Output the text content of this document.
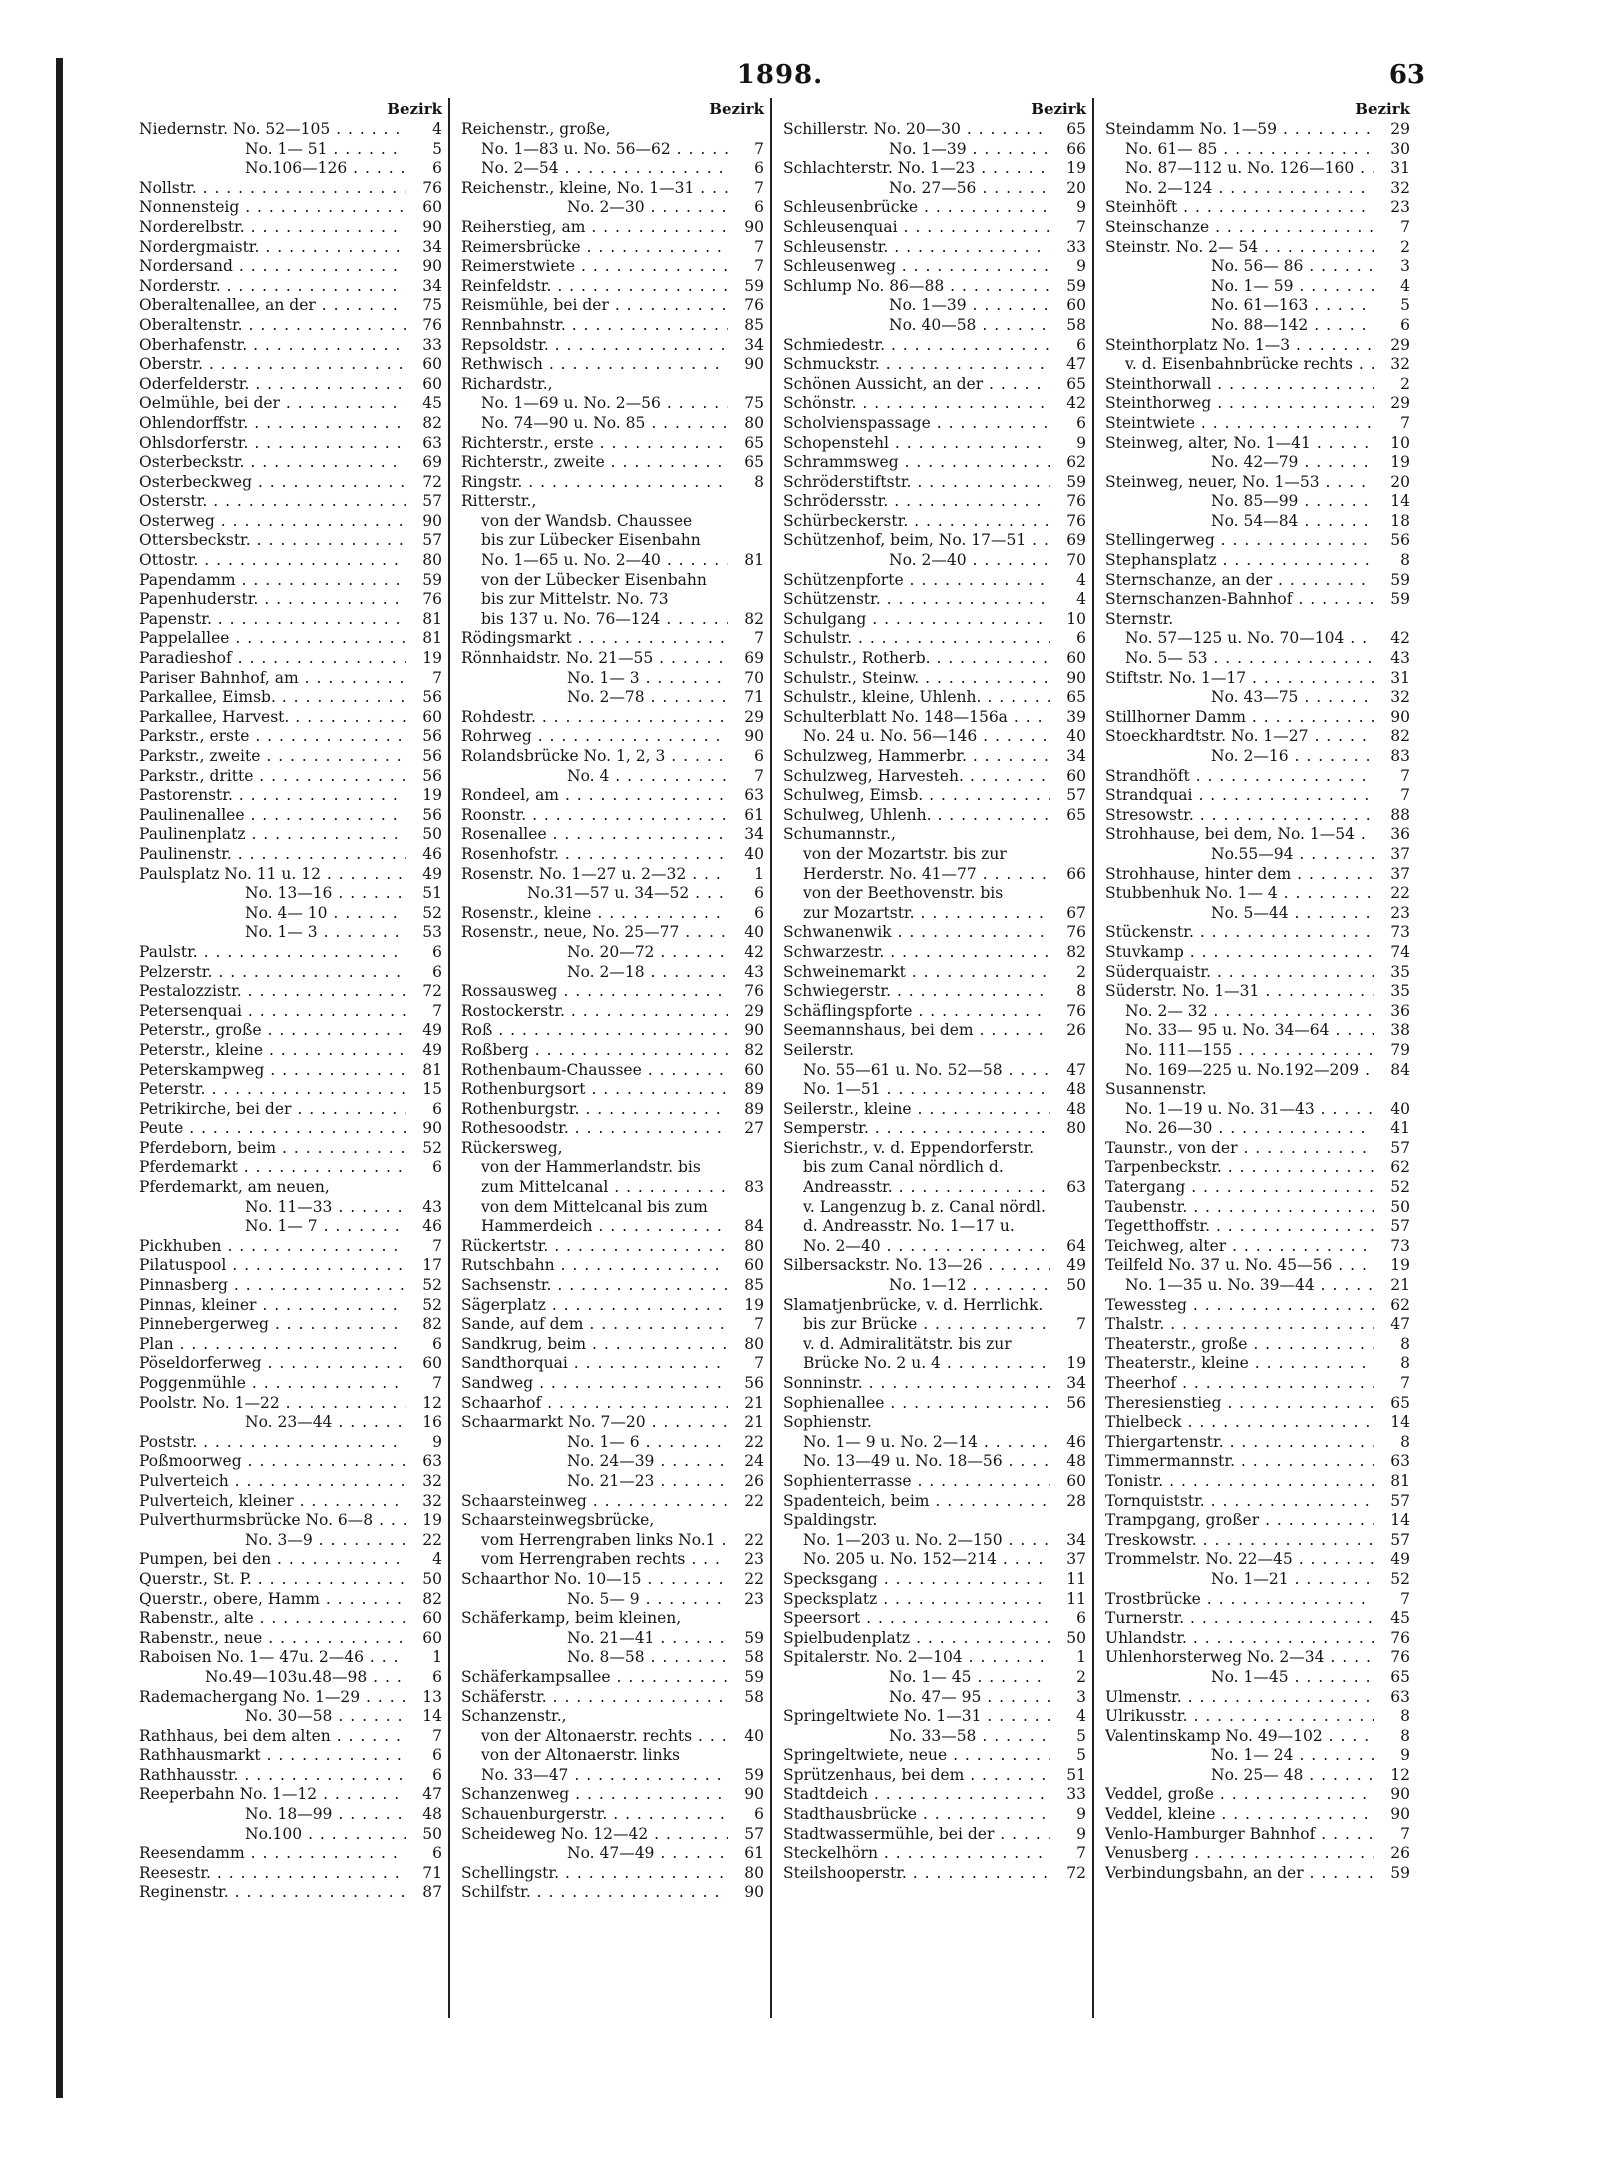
1898.	63
Bezirk
Niedernstr. No. 52—105 . . .	4
No. 1— 51 . . .	5
No.106—126 . . .	6
Nollstr. . . .	76
Nonnensteig . . .	60
Norderelbstr. . . .	90
Nordergmaistr. . . .	34
Nordersand . . .	90
Norderstr. . . .	34
Oberaltenallee, an der . . .	75
Oberaltenstr. . . .	76
Oberhafenstr. . . .	33
Oberstr. . . .	60
Oderfelderstr. . . .	60
Oelmühle, bei der . . .	45
Ohlendorffstr. . . .	82
Ohlsdorferstr. . . .	63
Osterbeckstr. . . .	69
Osterbeckweg . . .	72
Osterstr. . . .	57
Osterweg . . .	90
Ottersbeckstr. . . .	57
Ottostr. . . .	80
Papendamm . . .	59
Papenhuderstr. . . .	76
Papenstr. . . .	81
Pappelallee . . .	81
Paradieshof . . .	19
Pariser Bahnhof, am . . .	7
Parkallee, Eimsb. . . .	56
Parkallee, Harvest. . . .	60
Parkstr., erste . . .	56
Parkstr., zweite . . .	56
Parkstr., dritte . . .	56
Pastorenstr. . . .	19
Paulinenallee . . .	56
Paulinenplatz . . .	50
Paulinenstr. . . .	46
Paulsplatz No. 11 u. 12 . . .	49
No. 13—16 . . .	51
No. 4— 10 . . .	52
No. 1— 3 . . .	53
Paulstr. . . .	6
Pelzerstr. . . .	6
Pestalozzistr. . . .	72
Petersenquai . . .	7
Peterstr., große . . .	49
Peterstr., kleine . . .	49
Peterskampweg . . .	81
Peterstr. . . .	15
Petrikirche, bei der . . .	6
Peute . . .	90
Pferdeborn, beim . . .	52
Pferdemarkt . . .	6
Pferdemarkt, am neuen,
No. 11—33 . . .	43
No. 1— 7 . . .	46
Pickhuben . . .	7
Pilatuspool . . .	17
Pinnasberg . . .	52
Pinnas, kleiner . . .	52
Pinnebergerweg . . .	82
Plan . . .	6
Pöseldorferweg . . .	60
Poggenmühle . . .	7
Poolstr. No. 1—22 . . .	12
No. 23—44 . . .	16
Poststr. . . .	9
Poßmoorweg . . .	63
Pulverteich . . .	32
Pulverteich, kleiner . . .	32
Pulverthurmsbrücke No. 6—8 . . .	19
No. 3—9 . . .	22
Pumpen, bei den . . .	4
Querstr., St. P. . . .	50
Querstr., obere, Hamm . . .	82
Rabenstr., alte . . .	60
Rabenstr., neue . . .	60
Raboisen No. 1— 47u. 2—46 . . .	1
No.49—103u.48—98 . . .	6
Rademachergang No. 1—29 . . .	13
No. 30—58 . . .	14
Rathhaus, bei dem alten . . .	7
Rathhausmarkt . . .	6
Rathhausstr. . . .	6
Reeperbahn No. 1—12 . . .	47
No. 18—99 . . .	48
No.100 . . .	50
Reesendamm . . .	6
Reesestr. . . .	71
Reginenstr. . . .	87
Bezirk
Reichenstr., große,
No. 1—83 u. No. 56—62 . . .	7
No. 2—54 . . .	6
Reichenstr., kleine, No. 1—31 . . .	7
No. 2—30 . . .	6
Reiherstieg, am . . .	90
Reimersbrücke . . .	7
Reimerstwiete . . .	7
Reinfeldstr. . . .	59
Reismühle, bei der . . .	76
Rennbahnstr. . . .	85
Repsoldstr. . . .	34
Rethwisch . . .	90
Richardstr.,
No. 1—69 u. No. 2—56 . . .	75
No. 74—90 u. No. 85 . . .	80
Richterstr., erste . . .	65
Richterstr., zweite . . .	65
Ringstr. . . .	8
Ritterstr.,
von der Wandsb. Chaussee
bis zur Lübecker Eisenbahn
No. 1—65 u. No. 2—40 . . .	81
von der Lübecker Eisenbahn
bis zur Mittelstr. No. 73
bis 137 u. No. 76—124 . . .	82
Rödingsmarkt . . .	7
Rönnhaidstr. No. 21—55 . . .	69
No. 1— 3 . . .	70
No. 2—78 . . .	71
Rohdestr. . . .	29
Rohrweg . . .	90
Rolandsbrücke No. 1, 2, 3 . . .	6
No. 4 . . .	7
Rondeel, am . . .	63
Roonstr. . . .	61
Rosenallee . . .	34
Rosenhofstr. . . .	40
Rosenstr. No. 1—27 u. 2—32 . . .	1
No.31—57 u. 34—52 . . .	6
Rosenstr., kleine . . .	6
Rosenstr., neue, No. 25—77 . . .	40
No. 20—72 . . .	42
No. 2—18 . . .	43
Rossausweg . . .	76
Rostockerstr. . . .	29
Roß . . .	90
Roßberg . . .	82
Rothenbaum-Chaussee . . .	60
Rothenburgsort . . .	89
Rothenburgstr. . . .	89
Rothesoodstr. . . .	27
Rückersweg,
von der Hammerlandstr. bis
zum Mittelcanal . . .	83
von dem Mittelcanal bis zum
Hammerdeich . . .	84
Rückertstr. . . .	80
Rutschbahn . . .	60
Sachsenstr. . . .	85
Sägerplatz . . .	19
Sande, auf dem . . .	7
Sandkrug, beim . . .	80
Sandthorquai . . .	7
Sandweg . . .	56
Schaarhof . . .	21
Schaarmarkt No. 7—20 . . .	21
No. 1— 6 . . .	22
No. 24—39 . . .	24
No. 21—23 . . .	26
Schaarsteinweg . . .	22
Schaarsteinwegsbrücke,
vom Herrengraben links No.1 . . .	22
vom Herrengraben rechts . . .	23
Schaarthor No. 10—15 . . .	22
No. 5— 9 . . .	23
Schäferkamp, beim kleinen,
No. 21—41 . . .	59
No. 8—58 . . .	58
Schäferkampsallee . . .	59
Schäferstr. . . .	58
Schanzenstr.,
von der Altonaerstr. rechts . . .	40
von der Altonaerstr. links
No. 33—47 . . .	59
Schanzenweg . . .	90
Schauenburgerstr. . . .	6
Scheideweg No. 12—42 . . .	57
No. 47—49 . . .	61
Schellingstr. . . .	80
Schilfstr. . . .	90
Bezirk
Schillerstr. No. 20—30 . . .	65
No. 1—39 . . .	66
Schlachterstr. No. 1—23 . . .	19
No. 27—56 . . .	20
Schleusenbrücke . . .	9
Schleusenquai . . .	7
Schleusenstr. . . .	33
Schleusenweg . . .	9
Schlump No. 86—88 . . .	59
No. 1—39 . . .	60
No. 40—58 . . .	58
Schmiedestr. . . .	6
Schmuckstr. . . .	47
Schönen Aussicht, an der . . .	65
Schönstr. . . .	42
Scholvienspassage . . .	6
Schopenstehl . . .	9
Schrammsweg . . .	62
Schröderstiftstr. . . .	59
Schrödersstr. . . .	76
Schürbeckerstr. . . .	76
Schützenhof, beim, No. 17—51 . . .	69
No. 2—40 . . .	70
Schützenpforte . . .	4
Schützenstr. . . .	4
Schulgang . . .	10
Schulstr. . . .	6
Schulstr., Rotherb. . . .	60
Schulstr., Steinw. . . .	90
Schulstr., kleine, Uhlenh. . . .	65
Schulterblatt No. 148—156a . . .	39
No. 24 u. No. 56—146 . . .	40
Schulzweg, Hammerbr. . . .	34
Schulzweg, Harvesteh. . . .	60
Schulweg, Eimsb. . . .	57
Schulweg, Uhlenh. . . .	65
Schumannstr.,
von der Mozartstr. bis zur
Herderstr. No. 41—77 . . .	66
von der Beethovenstr. bis
zur Mozartstr. . . .	67
Schwanenwik . . .	76
Schwarzestr. . . .	82
Schweinemarkt . . .	2
Schwiegerstr. . . .	8
Schäflingspforte . . .	76
Seemannshaus, bei dem . . .	26
Seilerstr.
No. 55—61 u. No. 52—58 . . .	47
No. 1—51 . . .	48
Seilerstr., kleine . . .	48
Semperstr. . . .	80
Sierichstr., v. d. Eppendorferstr.
bis zum Canal nördlich d.
Andreasstr. . . .	63
v. Langenzug b. z. Canal nördl.
d. Andreasstr. No. 1—17 u.
No. 2—40 . . .	64
Silbersackstr. No. 13—26 . . .	49
No. 1—12 . . .	50
Slamatjenbrücke, v. d. Herrlichk.
bis zur Brücke . . .	7
v. d. Admiralitätstr. bis zur
Brücke No. 2 u. 4 . . .	19
Sonninstr. . . .	34
Sophienallee . . .	56
Sophienstr.
No. 1— 9 u. No. 2—14 . . .	46
No. 13—49 u. No. 18—56 . . .	48
Sophienterrasse . . .	60
Spadenteich, beim . . .	28
Spaldingstr.
No. 1—203 u. No. 2—150 . . .	34
No. 205 u. No. 152—214 . . .	37
Specksgang . . .	11
Specksplatz . . .	11
Speersort . . .	6
Spielbudenplatz . . .	50
Spitalerstr. No. 2—104 . . .	1
No. 1— 45 . . .	2
No. 47— 95 . . .	3
Springeltwiete No. 1—31 . . .	4
No. 33—58 . . .	5
Springeltwiete, neue . . .	5
Sprützenhaus, bei dem . . .	51
Stadtdeich . . .	33
Stadthausbrücke . . .	9
Stadtwassermühle, bei der . . .	9
Steckelhörn . . .	7
Steilshooperstr. . . .	72
Bezirk
Steindamm No. 1—59 . . .	29
No. 61— 85 . . .	30
No. 87—112 u. No. 126—160 . . .	31
No. 2—124 . . .	32
Steinhöft . . .	23
Steinschanze . . .	7
Steinstr. No. 2— 54 . . .	2
No. 56— 86 . . .	3
No. 1— 59 . . .	4
No. 61—163 . . .	5
No. 88—142 . . .	6
Steinthorplatz No. 1—3 . . .	29
v. d. Eisenbahnbrücke rechts . . .	32
Steinthorwall . . .	2
Steinthorweg . . .	29
Steintwiete . . .	7
Steinweg, alter, No. 1—41 . . .	10
No. 42—79 . . .	19
Steinweg, neuer, No. 1—53 . . .	20
No. 85—99 . . .	14
No. 54—84 . . .	18
Stellingerweg . . .	56
Stephansplatz . . .	8
Sternschanze, an der . . .	59
Sternschanzen-Bahnhof . . .	59
Sternstr.
No. 57—125 u. No. 70—104 . . .	42
No. 5— 53 . . .	43
Stiftstr. No. 1—17 . . .	31
No. 43—75 . . .	32
Stillhorner Damm . . .	90
Stoeckhardtstr. No. 1—27 . . .	82
No. 2—16 . . .	83
Strandhöft . . .	7
Strandquai . . .	7
Stresowstr. . . .	88
Strohhause, bei dem, No. 1—54 . . .	36
No.55—94 . . .	37
Strohhause, hinter dem . . .	37
Stubbenhuk No. 1— 4 . . .	22
No. 5—44 . . .	23
Stückenstr. . . .	73
Stuvkamp . . .	74
Süderquaistr. . . .	35
Süderstr. No. 1—31 . . .	35
No. 2— 32 . . .	36
No. 33— 95 u. No. 34—64 . . .	38
No. 111—155 . . .	79
No. 169—225 u. No.192—209 . . .	84
Susannenstr.
No. 1—19 u. No. 31—43 . . .	40
No. 26—30 . . .	41
Taunstr., von der . . .	57
Tarpenbeckstr. . . .	62
Tatergang . . .	52
Taubenstr. . . .	50
Tegetthoffstr. . . .	57
Teichweg, alter . . .	73
Teilfeld No. 37 u. No. 45—56 . . .	19
No. 1—35 u. No. 39—44 . . .	21
Tewessteg . . .	62
Thalstr. . . .	47
Theaterstr., große . . .	8
Theaterstr., kleine . . .	8
Theerhof . . .	7
Theresienstieg . . .	65
Thielbeck . . .	14
Thiergartenstr. . . .	8
Timmermannstr. . . .	63
Tonistr. . . .	81
Tornquiststr. . . .	57
Trampgang, großer . . .	14
Treskowstr. . . .	57
Trommelstr. No. 22—45 . . .	49
No. 1—21 . . .	52
Trostbrücke . . .	7
Turnerstr. . . .	45
Uhlandstr. . . .	76
Uhlenhorsterweg No. 2—34 . . .	76
No. 1—45 . . .	65
Ulmenstr. . . .	63
Ulrikusstr. . . .	8
Valentinskamp No. 49—102 . . .	8
No. 1— 24 . . .	9
No. 25— 48 . . .	12
Veddel, große . . .	90
Veddel, kleine . . .	90
Venlo-Hamburger Bahnhof . . .	7
Venusberg . . .	26
Verbindungsbahn, an der . . .	59
